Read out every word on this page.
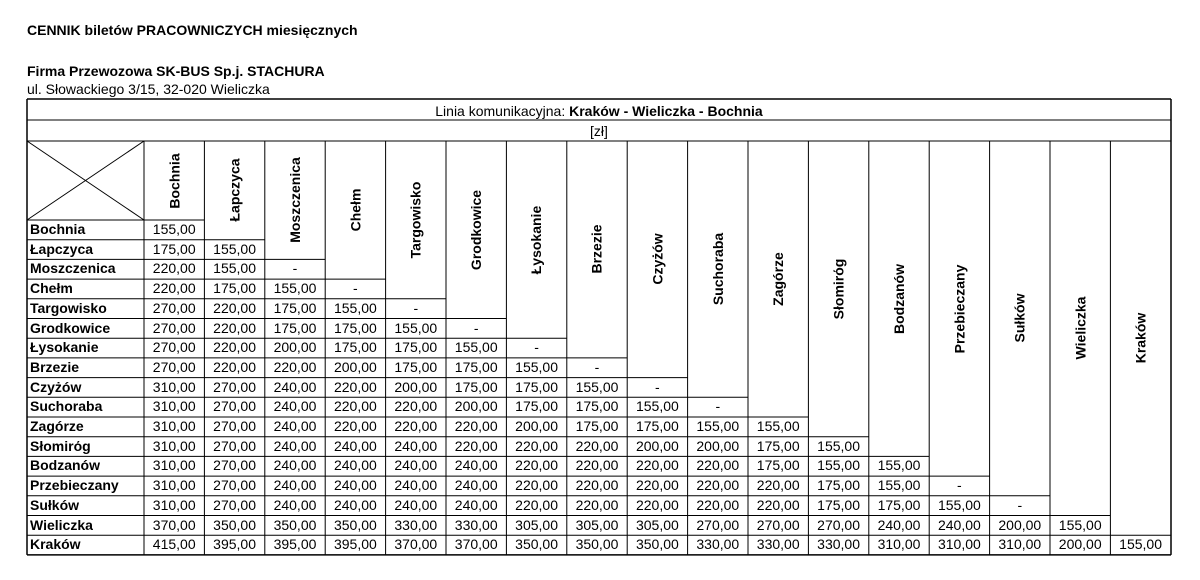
CENNIK biletów PRACOWNICZYCH miesięcznych
Firma Przewozowa SK-BUS Sp.j. STACHURA
ul. Słowackiego 3/15, 32-020 Wieliczka
Linia komunikacyjna: Kraków - Wieliczka - Bochnia
[zł]
Bochnia	155,00
Łapczyca	175,00	155,00
Moszczenica	220,00	155,00	-
Chełm	220,00	175,00	155,00	-
Targowisko	270,00	220,00	175,00	155,00	-
Grodkowice	270,00	220,00	175,00	175,00	155,00	-
Łysokanie	270,00	220,00	200,00	175,00	175,00	155,00	-
Brzezie	270,00	220,00	220,00	200,00	175,00	175,00	155,00	-
Czyżów	310,00	270,00	240,00	220,00	200,00	175,00	175,00	155,00	-
Suchoraba	310,00	270,00	240,00	220,00	220,00	200,00	175,00	175,00	155,00	-
Zagórze	310,00	270,00	240,00	220,00	220,00	220,00	200,00	175,00	175,00	155,00	155,00
Słomirόg	310,00	270,00	240,00	240,00	240,00	220,00	220,00	220,00	200,00	200,00	175,00	155,00
Bodzanów	310,00	270,00	240,00	240,00	240,00	240,00	220,00	220,00	220,00	220,00	175,00	155,00	155,00
Przebieczany	310,00	270,00	240,00	240,00	240,00	240,00	220,00	220,00	220,00	220,00	220,00	175,00	155,00	-
Sułków	310,00	270,00	240,00	240,00	240,00	240,00	220,00	220,00	220,00	220,00	220,00	175,00	175,00	155,00	-
Wieliczka	370,00	350,00	350,00	350,00	330,00	330,00	305,00	305,00	305,00	270,00	270,00	270,00	240,00	240,00	200,00	155,00
Kraków	415,00	395,00	395,00	395,00	370,00	370,00	350,00	350,00	350,00	330,00	330,00	330,00	310,00	310,00	310,00	200,00	155,00
Bochnia	Łapczyca	Moszczenica	Chełm	Targowisko	Grodkowice	Łysokanie	Brzezie	Czyżów	Suchoraba	Zagórze	Słomirόg	Bodzanów	Przebieczany	Sułków	Wieliczka	Kraków
